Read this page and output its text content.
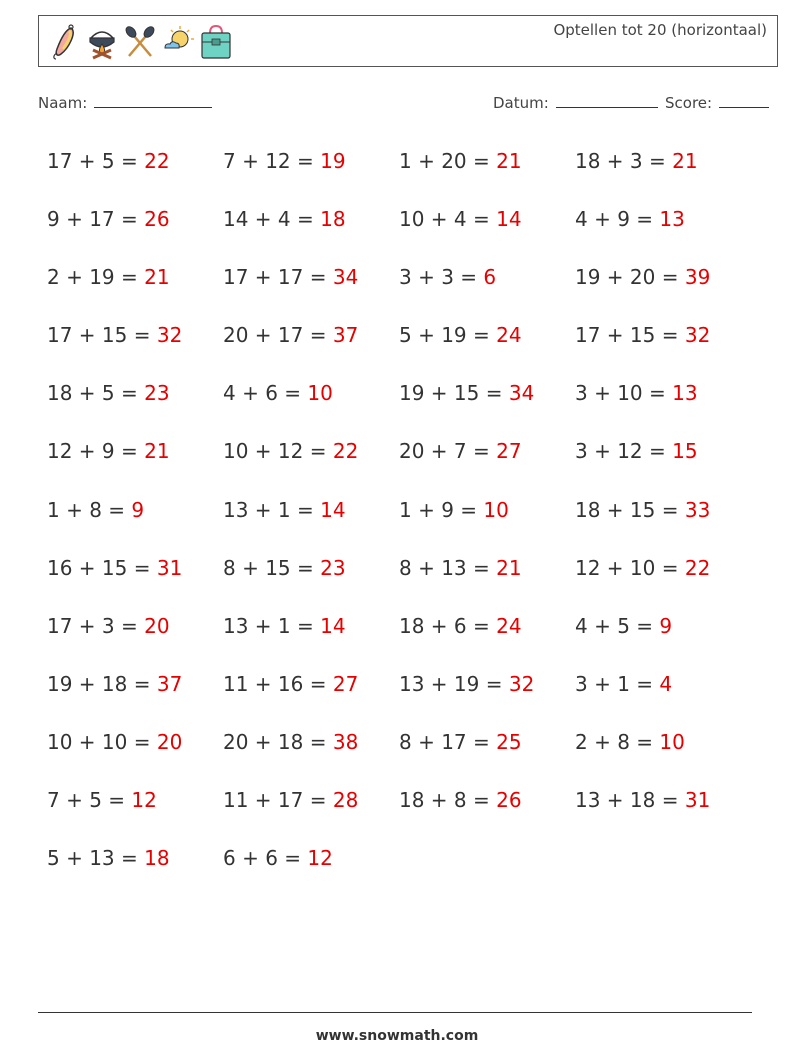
Optellen tot 20 (horizontaal)
Naam:	Datum:	Score:
17 + 5 = 22	7 + 12 = 19	1 + 20 = 21	18 + 3 = 21
9 + 17 = 26	14 + 4 = 18	10 + 4 = 14	4 + 9 = 13
2 + 19 = 21	17 + 17 = 34	3 + 3 = 6	19 + 20 = 39
17 + 15 = 32	20 + 17 = 37	5 + 19 = 24	17 + 15 = 32
18 + 5 = 23	4 + 6 = 10	19 + 15 = 34	3 + 10 = 13
12 + 9 = 21	10 + 12 = 22	20 + 7 = 27	3 + 12 = 15
1 + 8 = 9	13 + 1 = 14	1 + 9 = 10	18 + 15 = 33
16 + 15 = 31	8 + 15 = 23	8 + 13 = 21	12 + 10 = 22
17 + 3 = 20	13 + 1 = 14	18 + 6 = 24	4 + 5 = 9
19 + 18 = 37	11 + 16 = 27	13 + 19 = 32	3 + 1 = 4
10 + 10 = 20	20 + 18 = 38	8 + 17 = 25	2 + 8 = 10
7 + 5 = 12	11 + 17 = 28	18 + 8 = 26	13 + 18 = 31
5 + 13 = 18	6 + 6 = 12
www.snowmath.com
